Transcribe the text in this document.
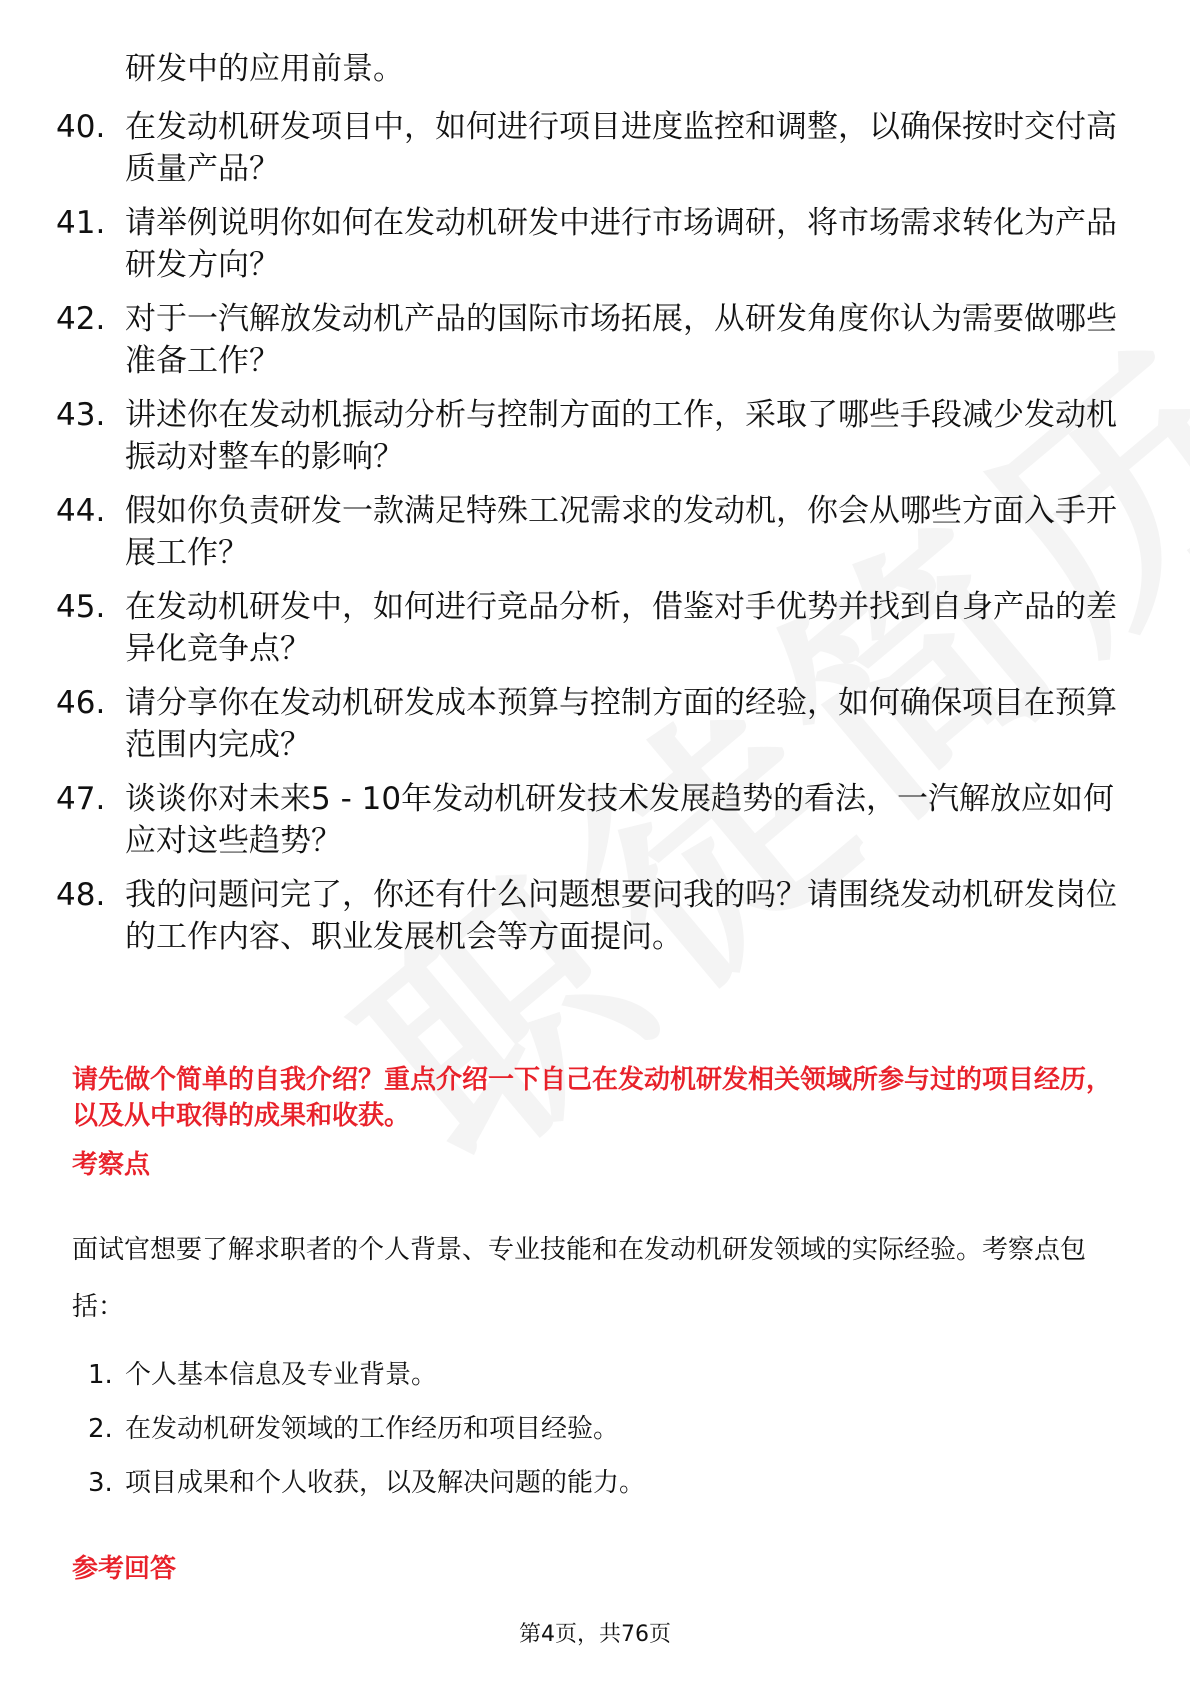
研发中的应用前景。
40. 在发动机研发项目中，如何进行项目进度监控和调整，以确保按时交付高质量产品？
41. 请举例说明你如何在发动机研发中进行市场调研，将市场需求转化为产品研发方向？
42. 对于一汽解放发动机产品的国际市场拓展，从研发角度你认为需要做哪些准备工作？
43. 讲述你在发动机振动分析与控制方面的工作，采取了哪些手段减少发动机振动对整车的影响？
44. 假如你负责研发一款满足特殊工况需求的发动机，你会从哪些方面入手开展工作？
45. 在发动机研发中，如何进行竞品分析，借鉴对手优势并找到自身产品的差异化竞争点？
46. 请分享你在发动机研发成本预算与控制方面的经验，如何确保项目在预算范围内完成？
47. 谈谈你对未来5 - 10年发动机研发技术发展趋势的看法，一汽解放应如何应对这些趋势？
48. 我的问题问完了，你还有什么问题想要问我的吗？请围绕发动机研发岗位的工作内容、职业发展机会等方面提问。
请先做个简单的自我介绍？重点介绍一下自己在发动机研发相关领域所参与过的项目经历，以及从中取得的成果和收获。
考察点
面试官想要了解求职者的个人背景、专业技能和在发动机研发领域的实际经验。考察点包括：
1. 个人基本信息及专业背景。
2. 在发动机研发领域的工作经历和项目经验。
3. 项目成果和个人收获，以及解决问题的能力。
参考回答
第4页，共76页
